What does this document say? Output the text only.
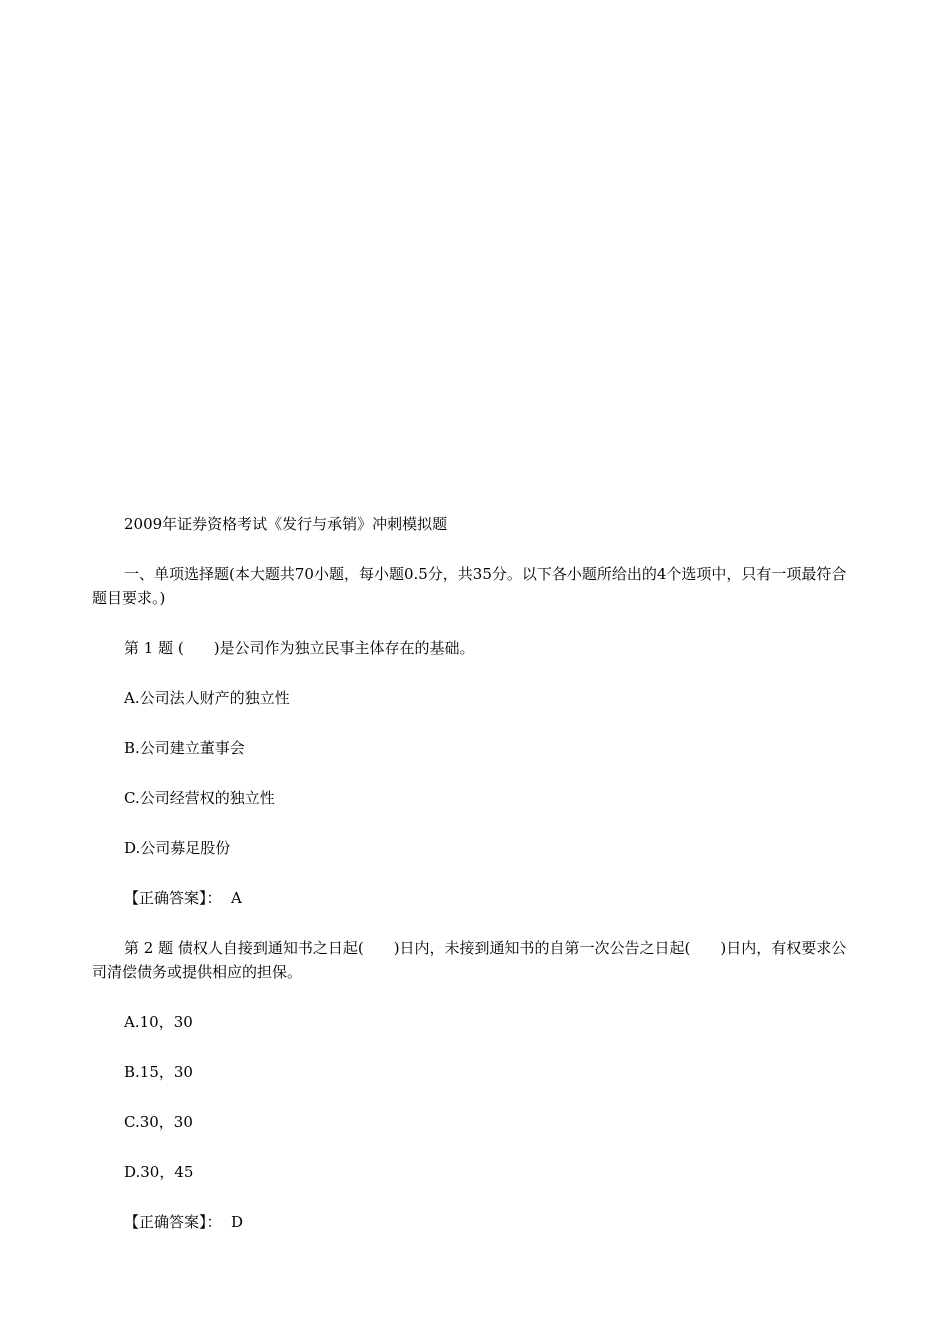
2009年证券资格考试《发行与承销》冲刺模拟题

一、单项选择题(本大题共70小题，每小题0.5分，共35分。以下各小题所给出的4个选项中，只有一项最符合题目要求。)

第 1 题 (　　)是公司作为独立民事主体存在的基础。

A.公司法人财产的独立性

B.公司建立董事会

C.公司经营权的独立性

D.公司募足股份

【正确答案】：  A

第 2 题 债权人自接到通知书之日起(　　)日内，未接到通知书的自第一次公告之日起(　　)日内，有权要求公司清偿债务或提供相应的担保。

A.10，30

B.15，30

C.30，30

D.30，45

【正确答案】：  D
